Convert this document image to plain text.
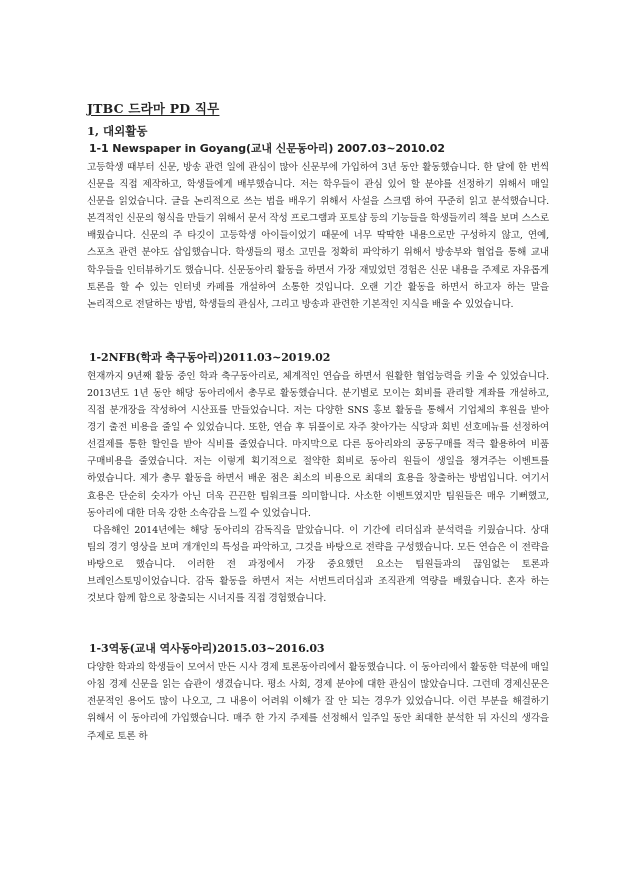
JTBC 드라마 PD 직무
1, 대외활동
1-1 Newspaper in Goyang(교내 신문동아리) 2007.03~2010.02

고등학생 때부터 신문, 방송 관련 일에 관심이 많아 신문부에 가입하여 3년 동안 활동했습니다. 한 달에 한 번씩 신문을 직접 제작하고, 학생들에게 배부했습니다. 저는 학우들이 관심 있어 할 분야를 선정하기 위해서 매일 신문을 읽었습니다. 글을 논리적으로 쓰는 법을 배우기 위해서 사설을 스크랩 하여 꾸준히 읽고 분석했습니다. 본격적인 신문의 형식을 만들기 위해서 문서 작성 프로그램과 포토샵 등의 기능들을 학생들끼리 책을 보며 스스로 배웠습니다. 신문의 주 타깃이 고등학생 아이들이었기 때문에 너무 딱딱한 내용으로만 구성하지 않고, 연예, 스포츠 관련 분야도 삽입했습니다. 학생들의 평소 고민을 정확히 파악하기 위해서 방송부와 협업을 통해 교내 학우들을 인터뷰하기도 했습니다. 신문동아리 활동을 하면서 가장 재밌었던 경험은 신문 내용을 주제로 자유롭게 토론을 할 수 있는 인터넷 카페를 개설하여 소통한 것입니다. 오랜 기간 활동을 하면서 하고자 하는 말을 논리적으로 전달하는 방법, 학생들의 관심사, 그리고 방송과 관련한 기본적인 지식을 배울 수 있었습니다.

1-2NFB(학과 축구동아리)2011.03~2019.02

현재까지 9년째 활동 중인 학과 축구동아리로, 체계적인 연습을 하면서 원활한 협업능력을 키울 수 있었습니다. 2013년도 1년 동안 해당 동아리에서 총무로 활동했습니다. 분기별로 모이는 회비를 관리할 계좌를 개설하고, 직접 분개장을 작성하여 시산표를 만들었습니다. 저는 다양한 SNS 홍보 활동을 통해서 기업체의 후원을 받아 경기 출전 비용을 줄일 수 있었습니다. 또한, 연습 후 뒤풀이로 자주 찾아가는 식당과 회빈 선호메뉴를 선정하여 선결제를 통한 할인을 받아 식비를 줄였습니다. 마지막으로 다른 동아리와의 공동구매를 적극 활용하여 비품 구매비용을 줄였습니다. 저는 이렇게 획기적으로 절약한 회비로 동아리 원들이 생일을 챙겨주는 이벤트를 하였습니다. 제가 총무 활동을 하면서 배운 점은 최소의 비용으로 최대의 효용을 창출하는 방법입니다. 여기서 효용은 단순히 숫자가 아닌 더욱 끈끈한 팀워크를 의미합니다. 사소한 이벤트였지만 팀원들은 매우 기뻐했고, 동아리에 대한 더욱 강한 소속감을 느낄 수 있었습니다.

다음해인 2014년에는 해당 동아리의 감독직을 맡았습니다. 이 기간에 리더십과 분석력을 키웠습니다. 상대 팀의 경기 영상을 보며 개개인의 특성을 파악하고, 그것을 바탕으로 전략을 구성했습니다. 모든 연습은 이 전략을 바탕으로 했습니다. 이러한 전 과정에서 가장 중요했던 요소는 팀원들과의 끊임없는 토론과 브레인스토밍이었습니다. 감독 활동을 하면서 저는 서번트리더십과 조직관계 역량을 배웠습니다. 혼자 하는 것보다 함께 함으로 창출되는 시너지를 직접 경험했습니다.

1-3역동(교내 역사동아리)2015.03~2016.03

다양한 학과의 학생들이 모여서 만든 시사 경제 토론동아리에서 활동했습니다. 이 동아리에서 활동한 덕분에 매일 아침 경제 신문을 읽는 습관이 생겼습니다. 평소 사회, 경제 분야에 대한 관심이 많았습니다. 그런데 경제신문은 전문적인 용어도 많이 나오고, 그 내용이 어려워 이해가 잘 안 되는 경우가 있었습니다. 이런 부분을 해결하기 위해서 이 동아리에 가입했습니다. 매주 한 가지 주제를 선정해서 일주일 동안 최대한 분석한 뒤 자신의 생각을 주제로 토론 하
